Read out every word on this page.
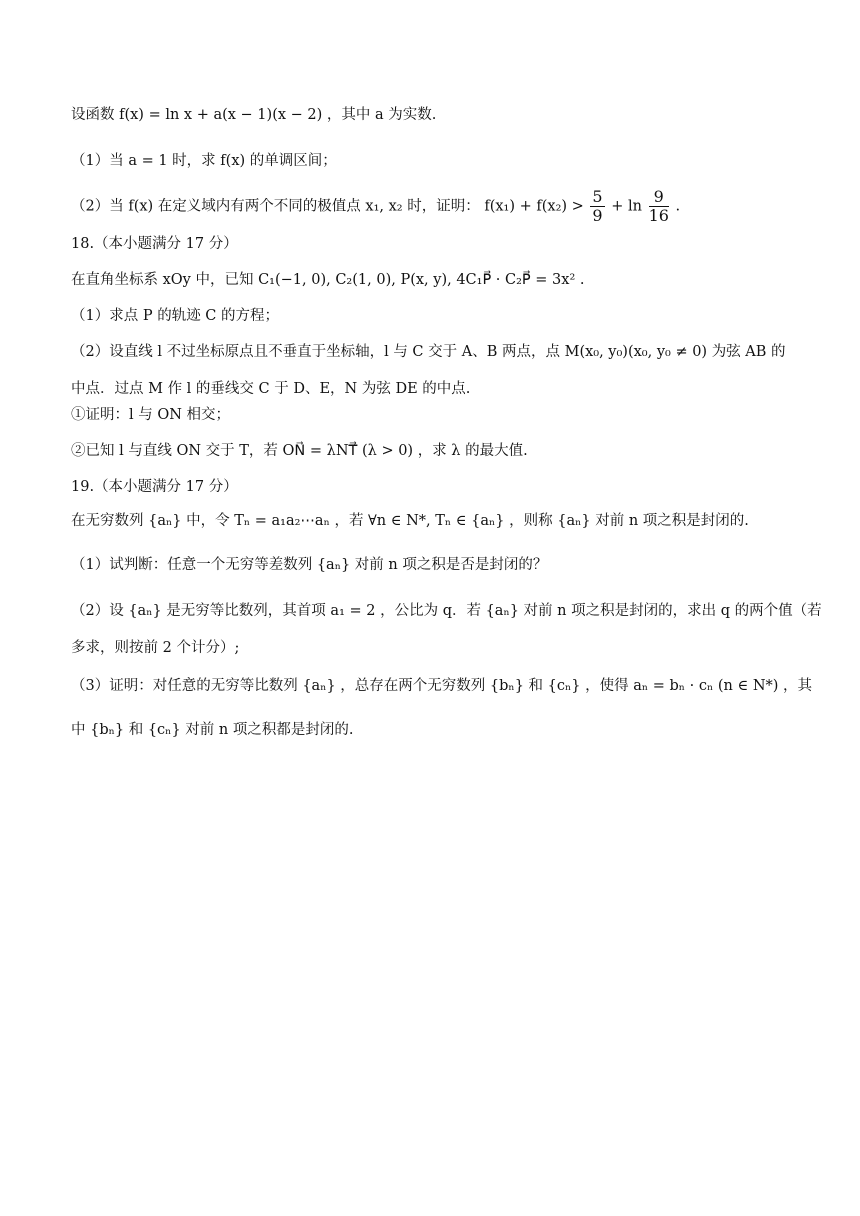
设函数 f(x) = ln x + a(x − 1)(x − 2) ，其中 a 为实数.
（1）当 a = 1 时，求 f(x) 的单调区间；
（2）当 f(x) 在定义域内有两个不同的极值点 x₁, x₂ 时，证明： $f(x_1) + f(x_2) > \frac{5}{9} + \ln \frac{9}{16}$ .
18.（本小题满分 17 分）
在直角坐标系 xOy 中，已知 C₁(−1, 0), C₂(1, 0), P(x, y), 4C₁P⃗ · C₂P⃗ = 3x² .
（1）求点 P 的轨迹 C 的方程；
（2）设直线 l 不过坐标原点且不垂直于坐标轴，l 与 C 交于 A、B 两点，点 M(x₀, y₀)(x₀, y₀ ≠ 0) 为弦 AB 的
中点．过点 M 作 l 的垂线交 C 于 D、E，N 为弦 DE 的中点.
①证明：l 与 ON 相交；
②已知 l 与直线 ON 交于 T，若 ON⃗ = λNT⃗ (λ > 0) ，求 λ 的最大值.
19.（本小题满分 17 分）
在无穷数列 {aₙ} 中，令 Tₙ = a₁a₂⋯aₙ ，若 ∀n ∈ N*, Tₙ ∈ {aₙ} ，则称 {aₙ} 对前 n 项之积是封闭的.
（1）试判断：任意一个无穷等差数列 {aₙ} 对前 n 项之积是否是封闭的？
（2）设 {aₙ} 是无穷等比数列，其首项 a₁ = 2 ，公比为 q．若 {aₙ} 对前 n 项之积是封闭的，求出 q 的两个值（若
多求，则按前 2 个计分）;
（3）证明：对任意的无穷等比数列 {aₙ} ，总存在两个无穷数列 {bₙ} 和 {cₙ} ，使得 aₙ = bₙ · cₙ (n ∈ N*) ，其
中 {bₙ} 和 {cₙ} 对前 n 项之积都是封闭的.
